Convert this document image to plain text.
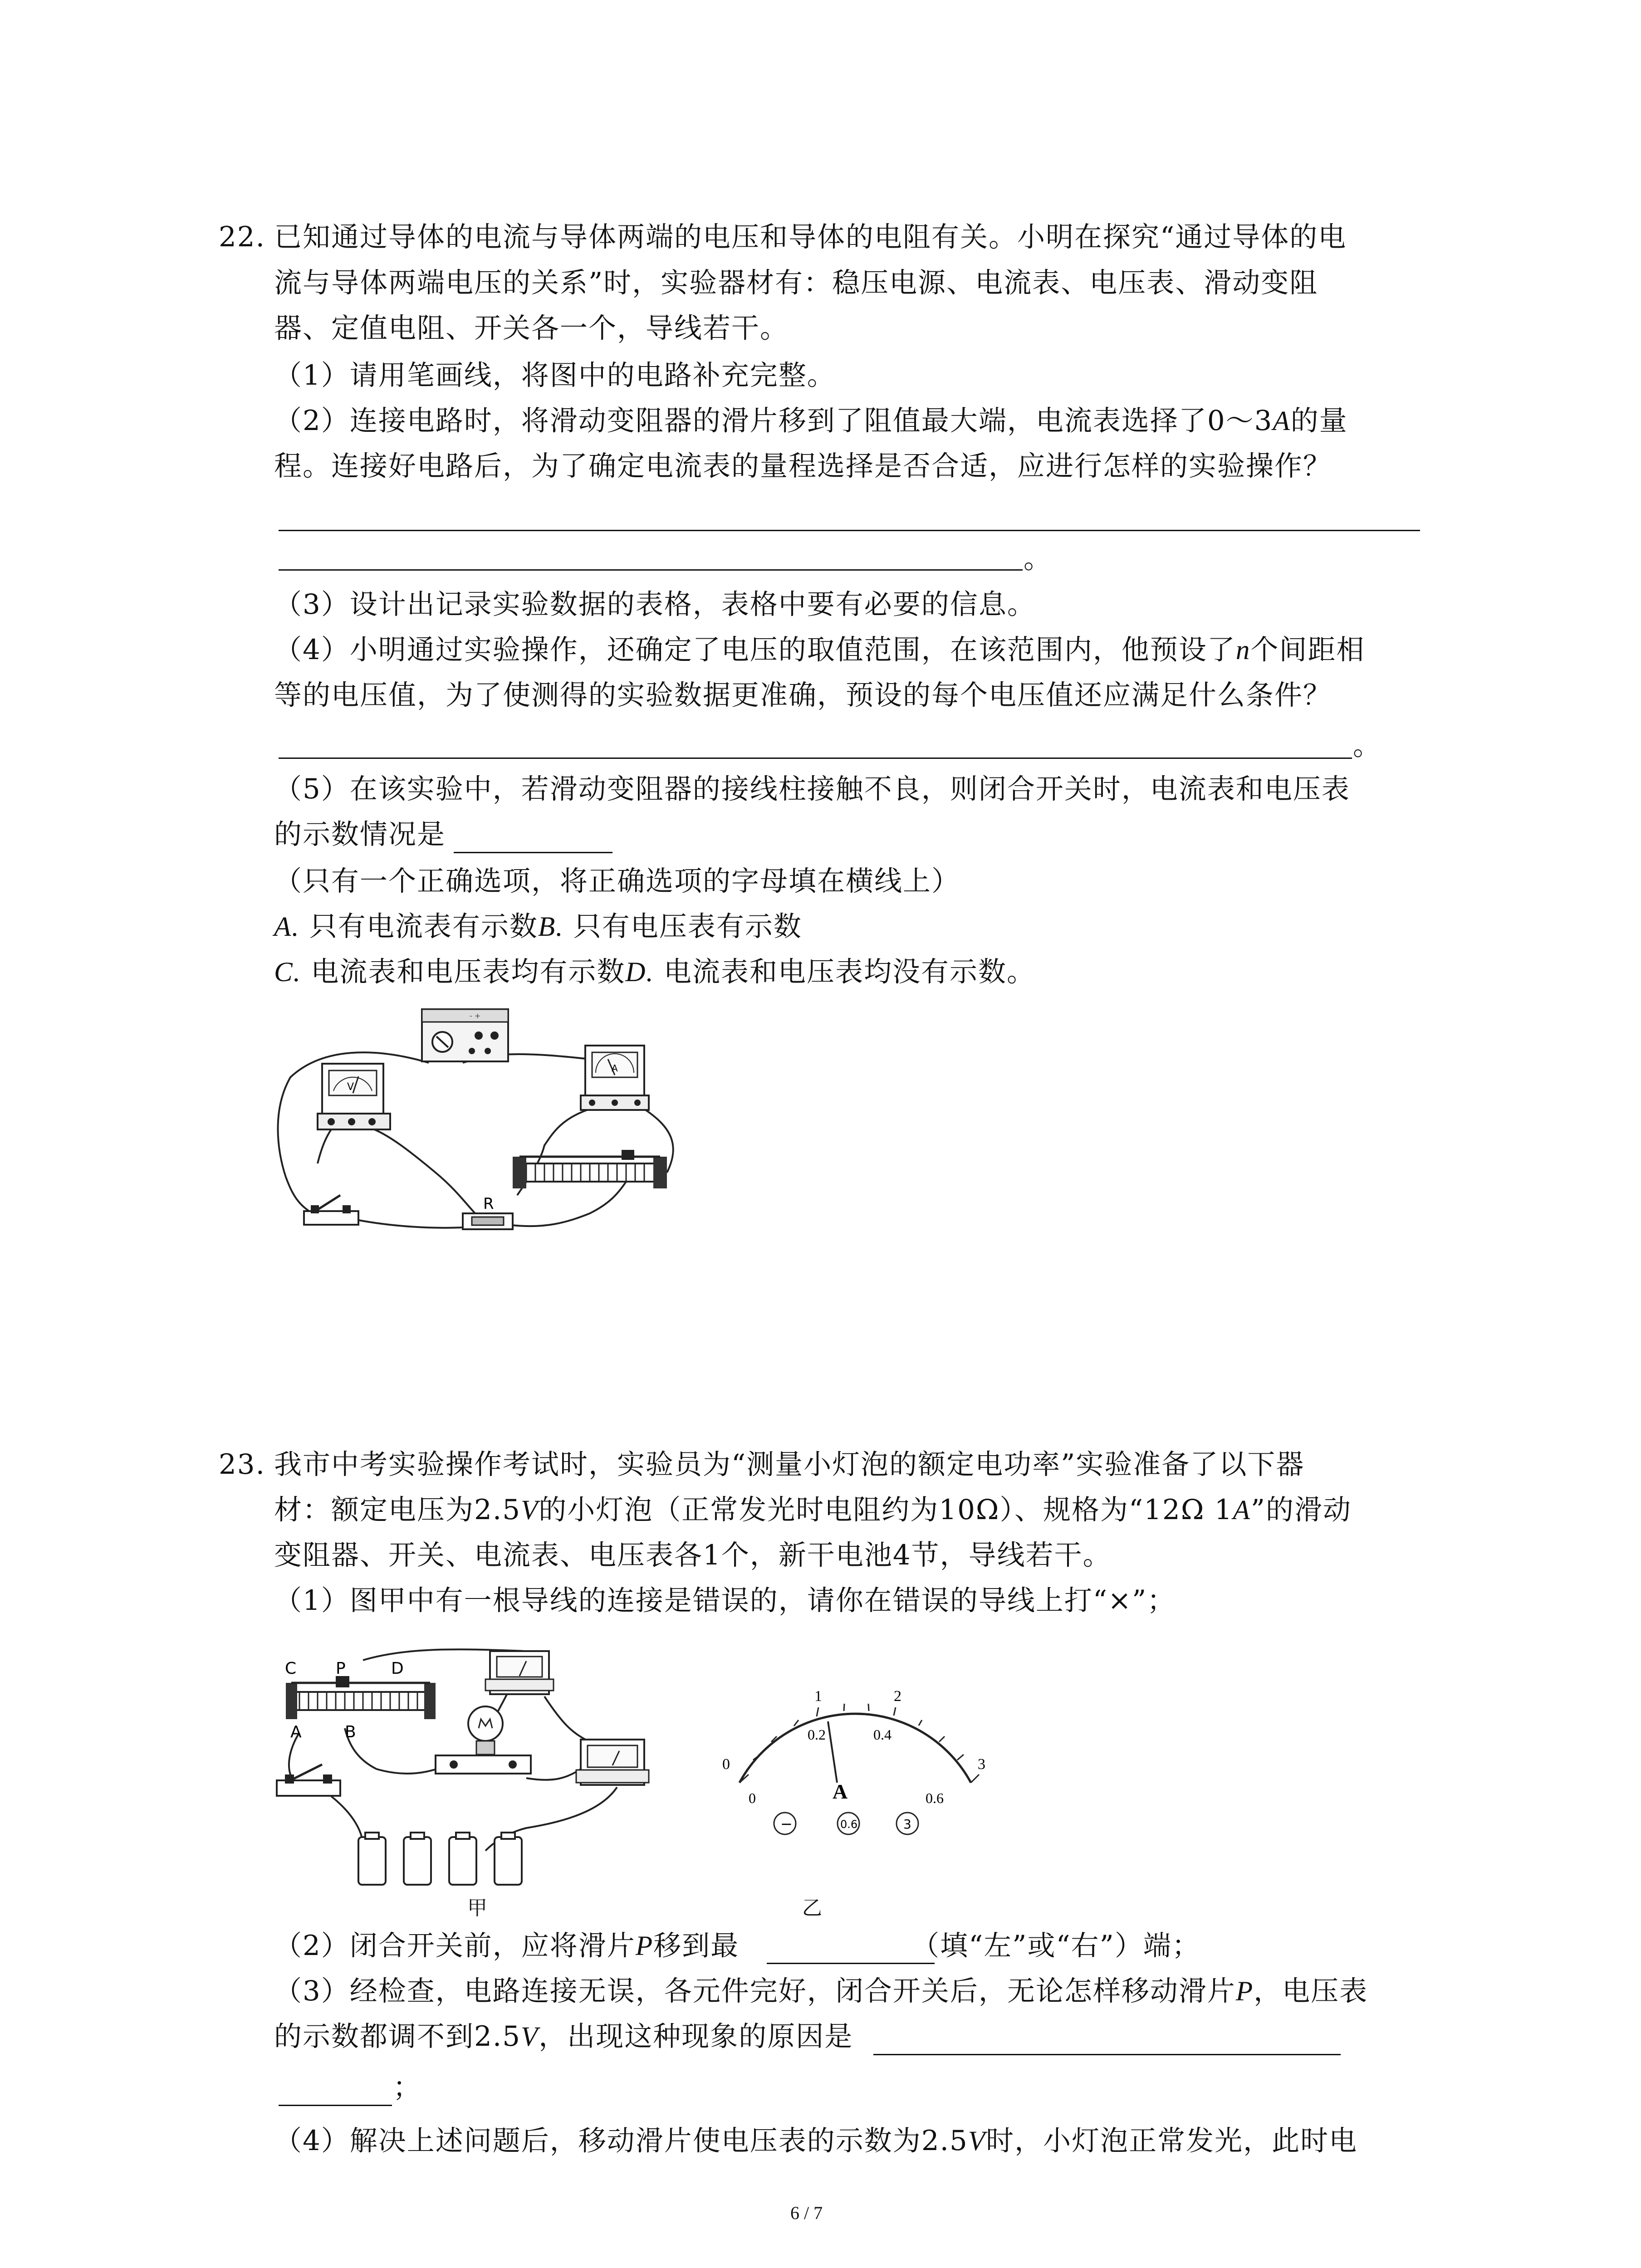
22. 已知通过导体的电流与导体两端的电压和导体的电阻有关。小明在探究“通过导体的电
流与导体两端电压的关系”时，实验器材有：稳压电源、电流表、电压表、滑动变阻
器、定值电阻、开关各一个，导线若干。
（1）请用笔画线，将图中的电路补充完整。
（2）连接电路时，将滑动变阻器的滑片移到了阻值最大端，电流表选择了0～3A的量
程。连接好电路后，为了确定电流表的量程选择是否合适，应进行怎样的实验操作？
。
（3）设计出记录实验数据的表格，表格中要有必要的信息。
（4）小明通过实验操作，还确定了电压的取值范围，在该范围内，他预设了n个间距相
等的电压值，为了使测得的实验数据更准确，预设的每个电压值还应满足什么条件？
。
（5）在该实验中，若滑动变阻器的接线柱接触不良，则闭合开关时，电流表和电压表
的示数情况是
（只有一个正确选项，将正确选项的字母填在横线上）
A. 只有电流表有示数B. 只有电压表有示数
C. 电流表和电压表均有示数D. 电流表和电压表均没有示数。
- +
V
A
R
23. 我市中考实验操作考试时，实验员为“测量小灯泡的额定电功率”实验准备了以下器
材：额定电压为2.5V的小灯泡（正常发光时电阻约为10Ω）、规格为“12Ω 1A”的滑动
变阻器、开关、电流表、电压表各1个，新干电池4节，导线若干。
（1）图甲中有一根导线的连接是错误的，请你在错误的导线上打“×”；
C P	D
A	B
甲
0
1	2
3
0
0.2	0.4
0.6
A
−	0.6	3
乙
（2）闭合开关前，应将滑片P移到最	（填“左”或“右”）端；
（3）经检查，电路连接无误，各元件完好，闭合开关后，无论怎样移动滑片P，电压表
的示数都调不到2.5V，出现这种现象的原因是
；
（4）解决上述问题后，移动滑片使电压表的示数为2.5V时，小灯泡正常发光，此时电
6 / 7
